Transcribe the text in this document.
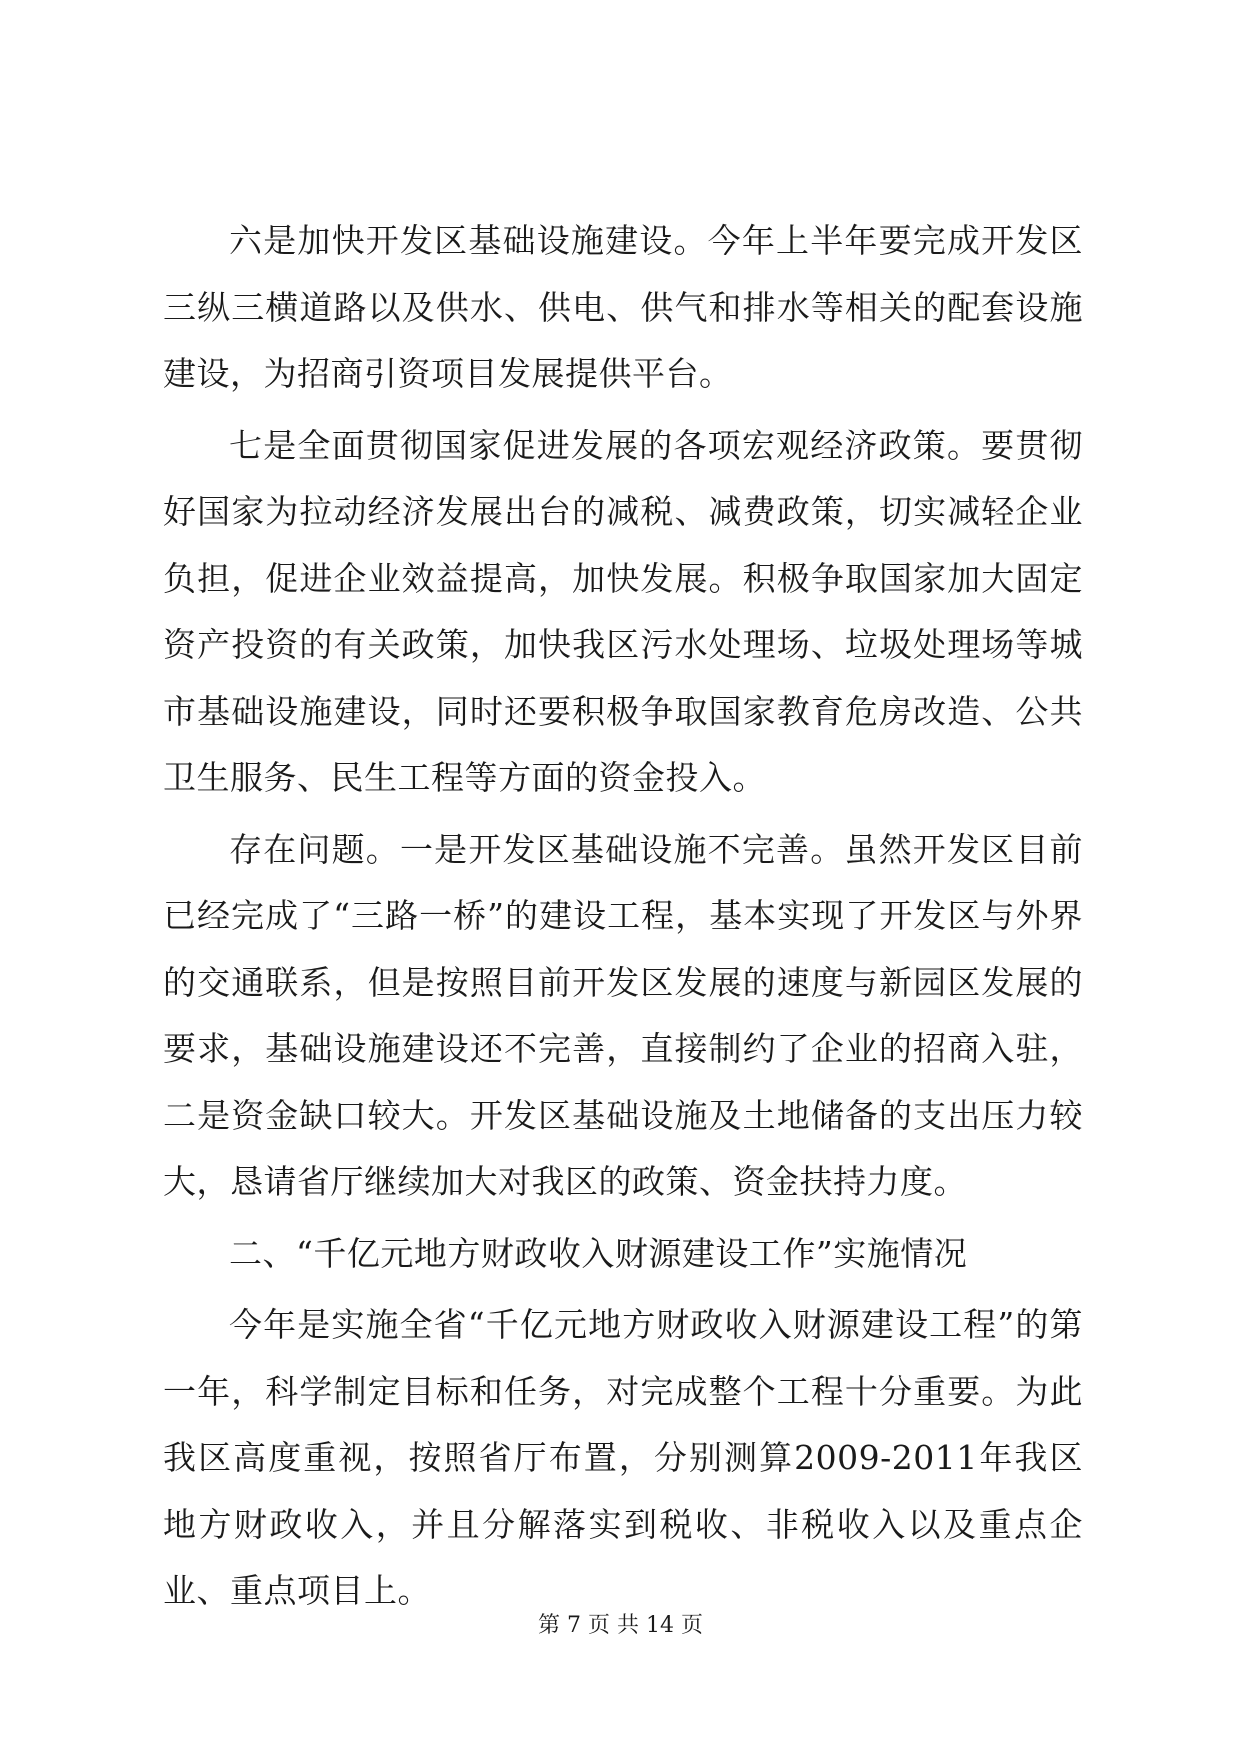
六是加快开发区基础设施建设。今年上半年要完成开发区三纵三横道路以及供水、供电、供气和排水等相关的配套设施建设，为招商引资项目发展提供平台。

七是全面贯彻国家促进发展的各项宏观经济政策。要贯彻好国家为拉动经济发展出台的减税、减费政策，切实减轻企业负担，促进企业效益提高，加快发展。积极争取国家加大固定资产投资的有关政策，加快我区污水处理场、垃圾处理场等城市基础设施建设，同时还要积极争取国家教育危房改造、公共卫生服务、民生工程等方面的资金投入。

存在问题。一是开发区基础设施不完善。虽然开发区目前已经完成了“三路一桥”的建设工程，基本实现了开发区与外界的交通联系，但是按照目前开发区发展的速度与新园区发展的要求，基础设施建设还不完善，直接制约了企业的招商入驻，二是资金缺口较大。开发区基础设施及土地储备的支出压力较大，恳请省厅继续加大对我区的政策、资金扶持力度。

二、“千亿元地方财政收入财源建设工作”实施情况

今年是实施全省“千亿元地方财政收入财源建设工程”的第一年，科学制定目标和任务，对完成整个工程十分重要。为此我区高度重视，按照省厅布置，分别测算2009-2011年我区地方财政收入，并且分解落实到税收、非税收入以及重点企业、重点项目上。

第 7 页 共 14 页
